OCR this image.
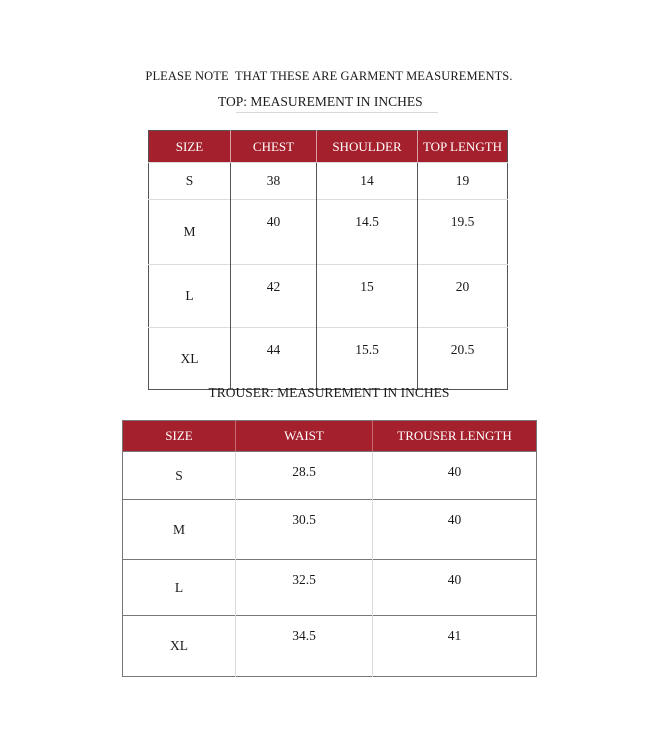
PLEASE NOTE  THAT THESE ARE GARMENT MEASUREMENTS.
TOP: MEASUREMENT IN INCHES
SIZE	CHEST	SHOULDER	TOP LENGTH
S	38	14	19
M	40	14.5	19.5
L	42	15	20
XL	44	15.5	20.5
TROUSER: MEASUREMENT IN INCHES
SIZE	WAIST	TROUSER LENGTH
S	28.5	40
M	30.5	40
L	32.5	40
XL	34.5	41
